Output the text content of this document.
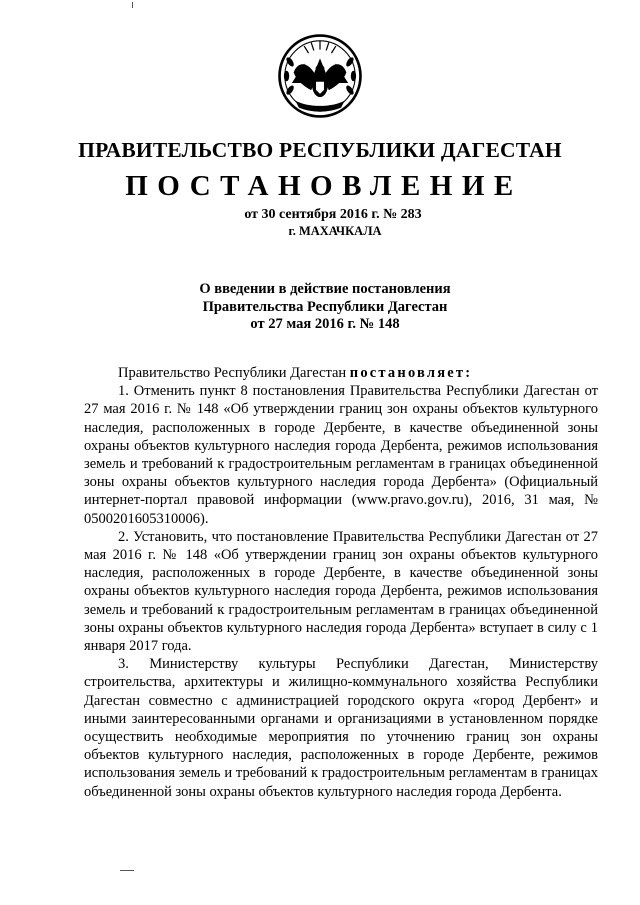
ПРАВИТЕЛЬСТВО РЕСПУБЛИКИ ДАГЕСТАН
ПОСТАНОВЛЕНИЕ
от 30 сентября 2016 г. № 283
г. МАХАЧКАЛА
О введении в действие постановления
Правительства Республики Дагестан
от 27 мая 2016 г. № 148

Правительство Республики Дагестан постановляет:

1. Отменить пункт 8 постановления Правительства Республики Дагестан от 27 мая 2016 г. № 148 «Об утверждении границ зон охраны объектов культурного наследия, расположенных в городе Дербенте, в качестве объединенной зоны охраны объектов культурного наследия города Дербента, режимов использования земель и требований к градостроительным регламентам в границах объединенной зоны охраны объектов культурного наследия города Дербента» (Официальный интернет-портал правовой информации (www.pravo.gov.ru), 2016, 31 мая, № 0500201605310006).

2. Установить, что постановление Правительства Республики Дагестан от 27 мая 2016 г. № 148 «Об утверждении границ зон охраны объектов культурного наследия, расположенных в городе Дербенте, в качестве объединенной зоны охраны объектов культурного наследия города Дербента, режимов использования земель и требований к градостроительным регламентам в границах объединенной зоны охраны объектов культурного наследия города Дербента» вступает в силу с 1 января 2017 года.

3. Министерству культуры Республики Дагестан, Министерству строительства, архитектуры и жилищно-коммунального хозяйства Республики Дагестан совместно с администрацией городского округа «город Дербент» и иными заинтересованными органами и организациями в установленном порядке осуществить необходимые мероприятия по уточнению границ зон охраны объектов культурного наследия, расположенных в городе Дербенте, режимов использования земель и требований к градостроительным регламентам в границах объединенной зоны охраны объектов культурного наследия города Дербента.
